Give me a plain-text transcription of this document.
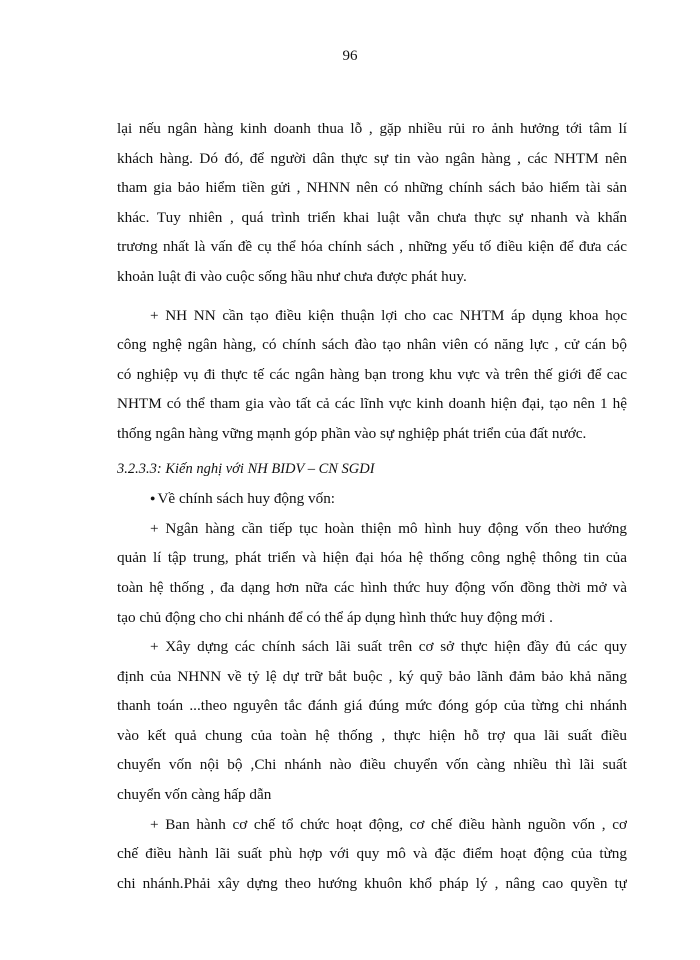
96
lại nếu ngân hàng kinh doanh thua lỗ , gặp nhiều rủi ro ảnh hưởng tới tâm lí
khách hàng. Dó đó, để người dân thực sự tin vào ngân hàng , các NHTM nên
tham gia bảo hiểm tiền gửi , NHNN nên có những chính sách bảo hiểm tài sản
khác. Tuy nhiên , quá trình triển khai luật vẫn chưa thực sự nhanh và khẩn
trương nhất là vấn đề cụ thể hóa chính sách , những yếu tố điều kiện để đưa các
khoản luật đi vào cuộc sống hầu như chưa được phát huy.
+ NH NN cần tạo điều kiện thuận lợi cho cac NHTM áp dụng khoa học
công nghệ ngân hàng, có chính sách đào tạo nhân viên có năng lực , cử cán bộ
có nghiệp vụ đi thực tế các ngân hàng bạn trong khu vực và trên thế giới để cac
NHTM có thể tham gia vào tất cả các lĩnh vực kinh doanh hiện đại, tạo nên 1 hệ
thống ngân hàng vững mạnh góp phần vào sự nghiệp phát triển của đất nước.
3.2.3.3: Kiến nghị với NH BIDV – CN SGDI
● Về chính sách huy động vốn:
+ Ngân hàng cần tiếp tục hoàn thiện mô hình huy động vốn theo hướng
quản lí tập trung, phát triển và hiện đại hóa hệ thống công nghệ thông tin của
toàn hệ thống , đa dạng hơn nữa các hình thức huy động vốn đồng thời mở và
tạo chủ động cho chi nhánh để có thể áp dụng hình thức huy động mới .
+ Xây dựng các chính sách lãi suất trên cơ sở thực hiện đầy đủ các quy
định của NHNN về tỷ lệ dự trữ bắt buộc , ký quỹ bảo lãnh đảm bảo khả năng
thanh toán ...theo nguyên tắc đánh giá đúng mức đóng góp của từng chi nhánh
vào kết quả chung của toàn hệ thống , thực hiện hỗ trợ qua lãi suất điều
chuyển vốn nội bộ ,Chi nhánh nào điều chuyển vốn càng nhiều thì lãi suất
chuyển vốn càng hấp dẫn
+ Ban hành cơ chế tổ chức hoạt động, cơ chế điều hành nguồn vốn , cơ
chế điều hành lãi suất phù hợp với quy mô và đặc điểm hoạt động của từng
chi nhánh.Phải xây dựng theo hướng khuôn khổ pháp lý , nâng cao quyền tự
